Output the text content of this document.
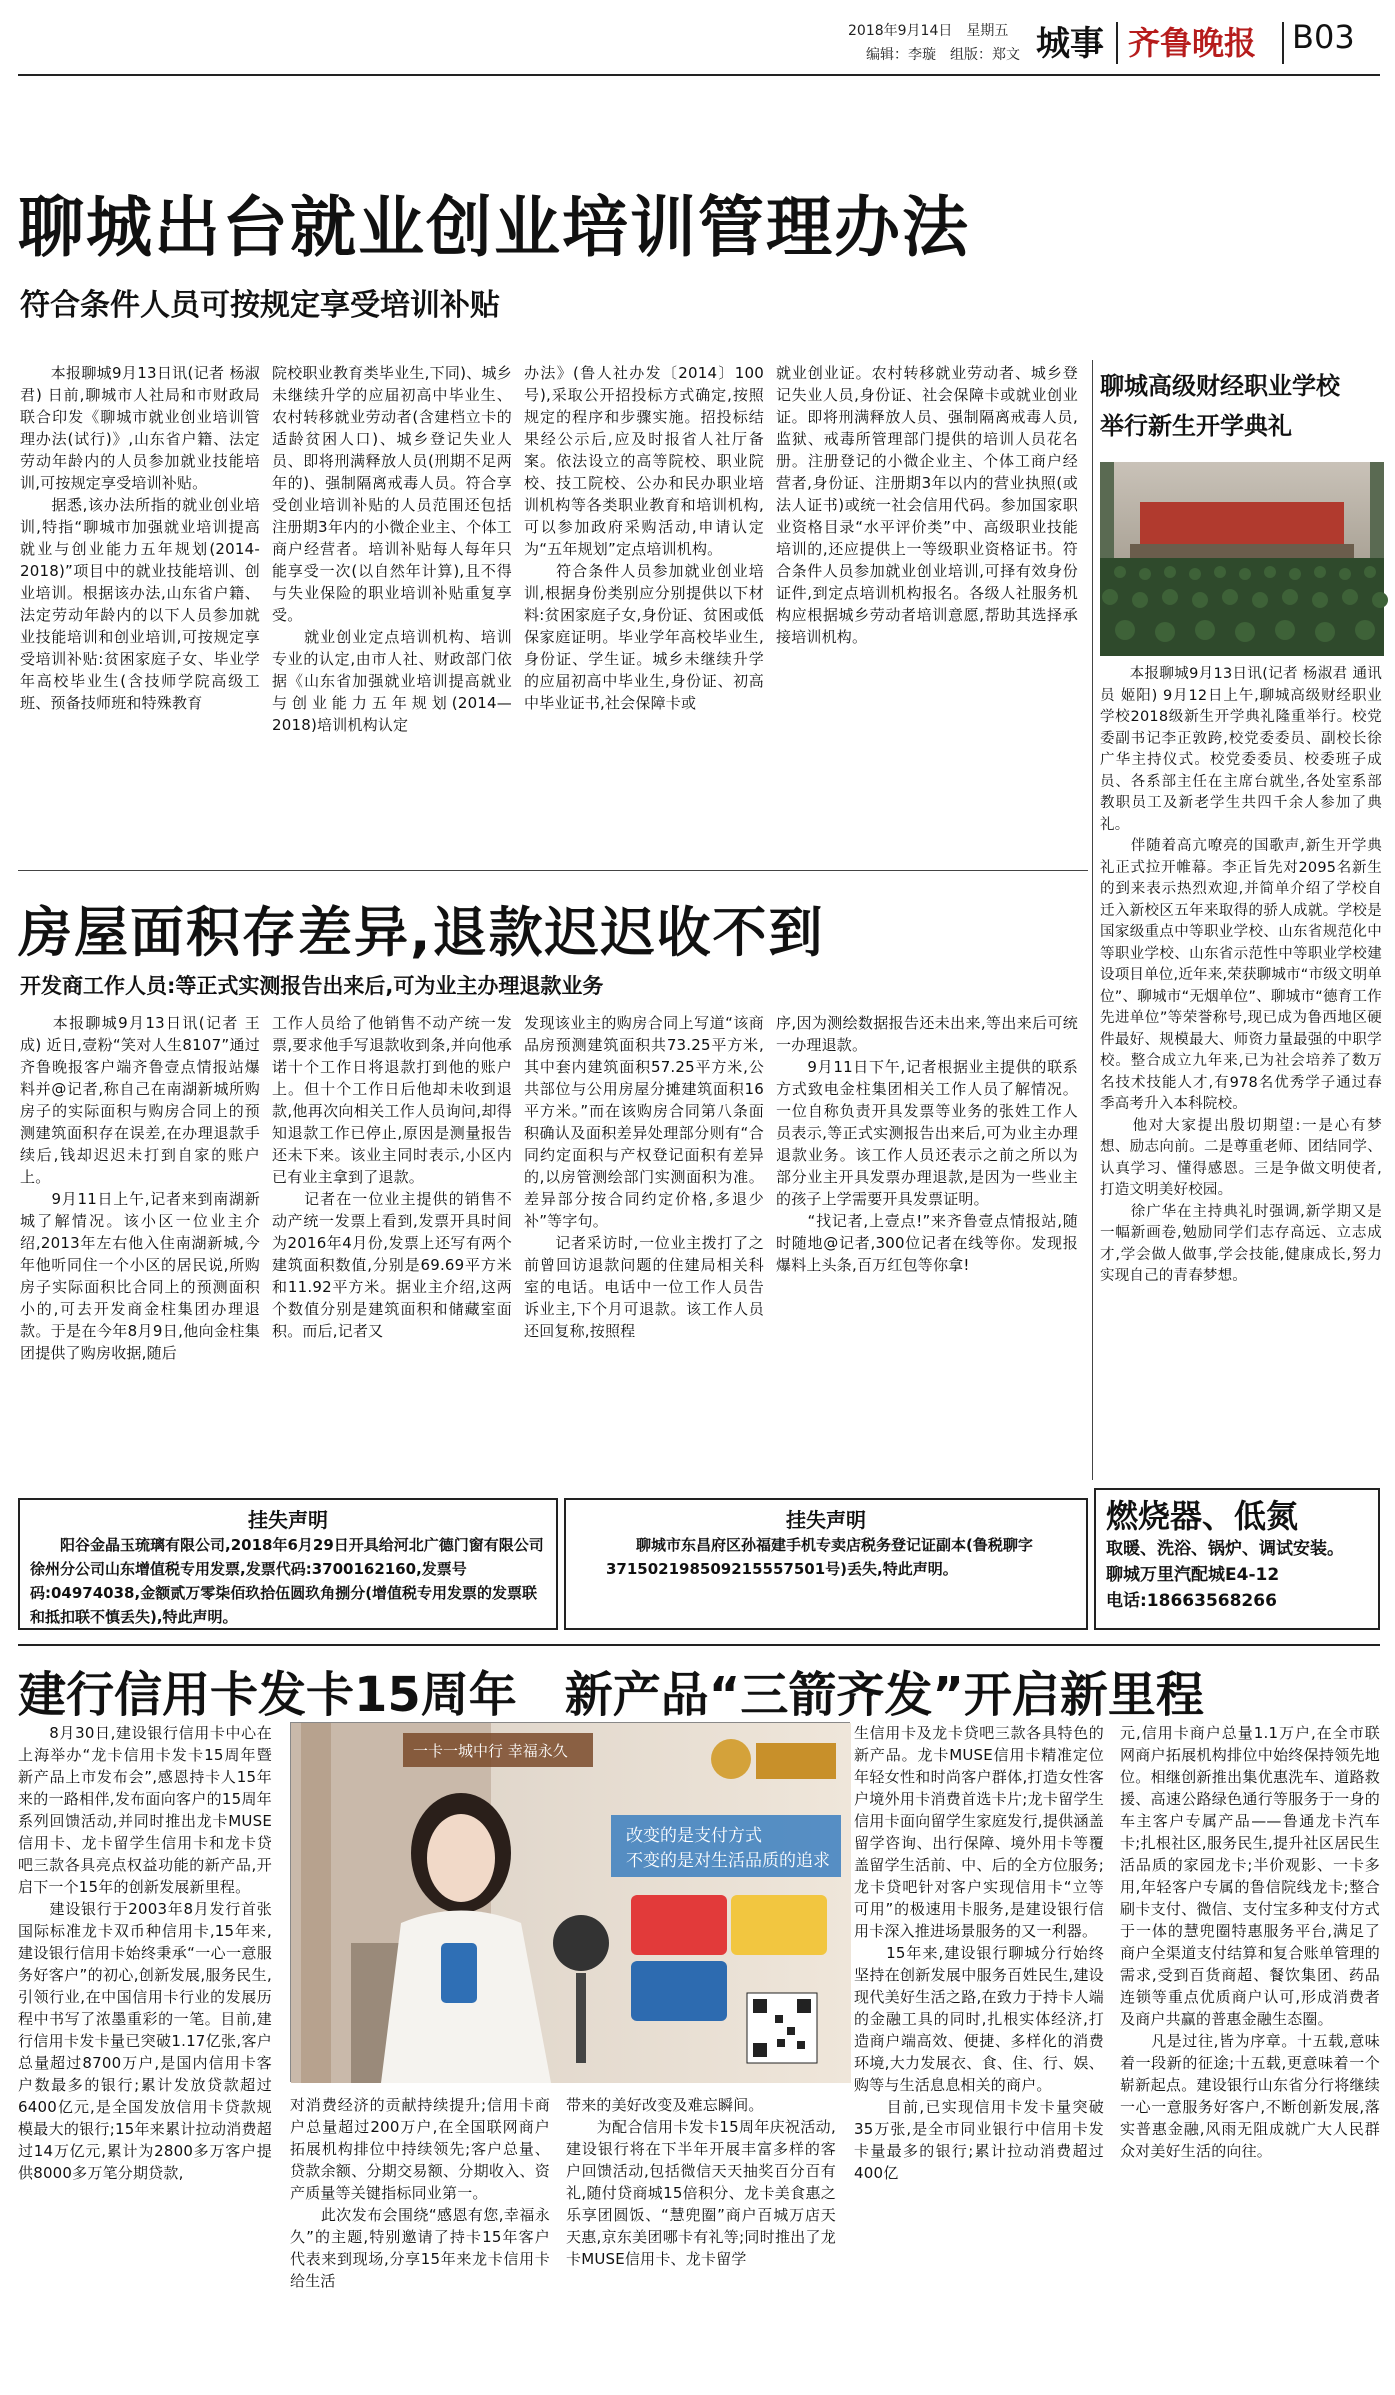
2018年9月14日　星期五
编辑：李璇　组版：郑文 城事 齐鲁晚报 B03
聊城出台就业创业培训管理办法
符合条件人员可按规定享受培训补贴
　　本报聊城9月13日讯(记者 杨淑君) 日前,聊城市人社局和市财政局联合印发《聊城市就业创业培训管理办法(试行)》,山东省户籍、法定劳动年龄内的人员参加就业技能培训,可按规定享受培训补贴。
　　据悉,该办法所指的就业创业培训,特指“聊城市加强就业培训提高就业与创业能力五年规划(2014-2018)”项目中的就业技能培训、创业培训。根据该办法,山东省户籍、法定劳动年龄内的以下人员参加就业技能培训和创业培训,可按规定享受培训补贴:贫困家庭子女、毕业学年高校毕业生(含技师学院高级工班、预备技师班和特殊教育
院校职业教育类毕业生,下同)、城乡未继续升学的应届初高中毕业生、农村转移就业劳动者(含建档立卡的适龄贫困人口)、城乡登记失业人员、即将刑满释放人员(刑期不足两年的)、强制隔离戒毒人员。符合享受创业培训补贴的人员范围还包括注册期3年内的小微企业主、个体工商户经营者。培训补贴每人每年只能享受一次(以自然年计算),且不得与失业保险的职业培训补贴重复享受。
　　就业创业定点培训机构、培训专业的认定,由市人社、财政部门依据《山东省加强就业培训提高就业与创业能力五年规划(2014—2018)培训机构认定
办法》(鲁人社办发〔2014〕100号),采取公开招投标方式确定,按照规定的程序和步骤实施。招投标结果经公示后,应及时报省人社厅备案。依法设立的高等院校、职业院校、技工院校、公办和民办职业培训机构等各类职业教育和培训机构,可以参加政府采购活动,申请认定为“五年规划”定点培训机构。
　　符合条件人员参加就业创业培训,根据身份类别应分别提供以下材料:贫困家庭子女,身份证、贫困或低保家庭证明。毕业学年高校毕业生,身份证、学生证。城乡未继续升学的应届初高中毕业生,身份证、初高中毕业证书,社会保障卡或
就业创业证。农村转移就业劳动者、城乡登记失业人员,身份证、社会保障卡或就业创业证。即将刑满释放人员、强制隔离戒毒人员,监狱、戒毒所管理部门提供的培训人员花名册。注册登记的小微企业主、个体工商户经营者,身份证、注册期3年以内的营业执照(或法人证书)或统一社会信用代码。参加国家职业资格目录“水平评价类”中、高级职业技能培训的,还应提供上一等级职业资格证书。符合条件人员参加就业创业培训,可择有效身份证件,到定点培训机构报名。各级人社服务机构应根据城乡劳动者培训意愿,帮助其选择承接培训机构。
聊城高级财经职业学校
举行新生开学典礼
　　本报聊城9月13日讯(记者 杨淑君 通讯员 姬阳) 9月12日上午,聊城高级财经职业学校2018级新生开学典礼隆重举行。校党委副书记李正敦跨,校党委委员、副校长徐广华主持仪式。校党委委员、校委班子成员、各系部主任在主席台就坐,各处室系部教职员工及新老学生共四千余人参加了典礼。
　　伴随着高亢嘹亮的国歌声,新生开学典礼正式拉开帷幕。李正旨先对2095名新生的到来表示热烈欢迎,并简单介绍了学校自迁入新校区五年来取得的骄人成就。学校是国家级重点中等职业学校、山东省规范化中等职业学校、山东省示范性中等职业学校建设项目单位,近年来,荣获聊城市“市级文明单位”、聊城市“无烟单位”、聊城市“德育工作先进单位”等荣誉称号,现已成为鲁西地区硬件最好、规模最大、师资力量最强的中职学校。整合成立九年来,已为社会培养了数万名技术技能人才,有978名优秀学子通过春季高考升入本科院校。
　　他对大家提出殷切期望:一是心有梦想、励志向前。二是尊重老师、团结同学、认真学习、懂得感恩。三是争做文明使者,打造文明美好校园。
　　徐广华在主持典礼时强调,新学期又是一幅新画卷,勉励同学们志存高远、立志成才,学会做人做事,学会技能,健康成长,努力实现自己的青春梦想。
房屋面积存差异,退款迟迟收不到
开发商工作人员:等正式实测报告出来后,可为业主办理退款业务
　　本报聊城9月13日讯(记者 王成) 近日,壹粉“笑对人生8107”通过齐鲁晚报客户端齐鲁壹点情报站爆料并@记者,称自己在南湖新城所购房子的实际面积与购房合同上的预测建筑面积存在误差,在办理退款手续后,钱却迟迟未打到自家的账户上。
　　9月11日上午,记者来到南湖新城了解情况。该小区一位业主介绍,2013年左右他入住南湖新城,今年他听同住一个小区的居民说,所购房子实际面积比合同上的预测面积小的,可去开发商金柱集团办理退款。于是在今年8月9日,他向金柱集团提供了购房收据,随后
工作人员给了他销售不动产统一发票,要求他手写退款收到条,并向他承诺十个工作日将退款打到他的账户上。但十个工作日后他却未收到退款,他再次向相关工作人员询问,却得知退款工作已停止,原因是测量报告还未下来。该业主同时表示,小区内已有业主拿到了退款。
　　记者在一位业主提供的销售不动产统一发票上看到,发票开具时间为2016年4月份,发票上还写有两个建筑面积数值,分别是69.69平方米和11.92平方米。据业主介绍,这两个数值分别是建筑面积和储藏室面积。而后,记者又
发现该业主的购房合同上写道“该商品房预测建筑面积共73.25平方米,其中套内建筑面积57.25平方米,公共部位与公用房屋分摊建筑面积16平方米。”而在该购房合同第八条面积确认及面积差异处理部分则有“合同约定面积与产权登记面积有差异的,以房管测绘部门实测面积为准。差异部分按合同约定价格,多退少补”等字句。
　　记者采访时,一位业主拨打了之前曾回访退款问题的住建局相关科室的电话。电话中一位工作人员告诉业主,下个月可退款。该工作人员还回复称,按照程
序,因为测绘数据报告还未出来,等出来后可统一办理退款。
　　9月11日下午,记者根据业主提供的联系方式致电金柱集团相关工作人员了解情况。一位自称负责开具发票等业务的张姓工作人员表示,等正式实测报告出来后,可为业主办理退款业务。该工作人员还表示之前之所以为部分业主开具发票办理退款,是因为一些业主的孩子上学需要开具发票证明。
　　“找记者,上壹点!”来齐鲁壹点情报站,随时随地@记者,300位记者在线等你。发现报爆料上头条,百万红包等你拿!
燃烧器、低氮
取暖、洗浴、锅炉、调试安装。
聊城万里汽配城E4-12
电话:18663568266
挂失声明
　　阳谷金晶玉琉璃有限公司,2018年6月29日开具给河北广德门窗有限公司徐州分公司山东增值税专用发票,发票代码:3700162160,发票号码:04974038,金额贰万零柒佰玖拾伍圆玖角捌分(增值税专用发票的发票联和抵扣联不慎丢失),特此声明。
挂失声明
　　聊城市东昌府区孙福建手机专卖店税务登记证副本(鲁税聊字371502198509215557501号)丢失,特此声明。
建行信用卡发卡15周年　新产品“三箭齐发”开启新里程
　　8月30日,建设银行信用卡中心在上海举办“龙卡信用卡发卡15周年暨新产品上市发布会”,感恩持卡人15年来的一路相伴,发布面向客户的15周年系列回馈活动,并同时推出龙卡MUSE信用卡、龙卡留学生信用卡和龙卡贷吧三款各具亮点权益功能的新产品,开启下一个15年的创新发展新里程。
　　建设银行于2003年8月发行首张国际标准龙卡双币种信用卡,15年来,建设银行信用卡始终秉承“一心一意服务好客户”的初心,创新发展,服务民生,引领行业,在中国信用卡行业的发展历程中书写了浓墨重彩的一笔。目前,建行信用卡发卡量已突破1.17亿张,客户总量超过8700万户,是国内信用卡客户数最多的银行;累计发放贷款超过6400亿元,是全国发放信用卡贷款规模最大的银行;15年来累计拉动消费超过14万亿元,累计为2800多万客户提供8000多万笔分期贷款,
一卡一城中行 幸福永久
改变的是支付方式
不变的是对生活品质的追求
对消费经济的贡献持续提升;信用卡商户总量超过200万户,在全国联网商户拓展机构排位中持续领先;客户总量、贷款余额、分期交易额、分期收入、资产质量等关键指标同业第一。
　　此次发布会围绕“感恩有您,幸福永久”的主题,特别邀请了持卡15年客户代表来到现场,分享15年来龙卡信用卡给生活
带来的美好改变及难忘瞬间。
　　为配合信用卡发卡15周年庆祝活动,建设银行将在下半年开展丰富多样的客户回馈活动,包括微信天天抽奖百分百有礼,随付贷商城15倍积分、龙卡美食惠之乐享团圆饭、“慧兜圈”商户百城万店天天惠,京东美团哪卡有礼等;同时推出了龙卡MUSE信用卡、龙卡留学
生信用卡及龙卡贷吧三款各具特色的新产品。龙卡MUSE信用卡精准定位年轻女性和时尚客户群体,打造女性客户境外用卡消费首选卡片;龙卡留学生信用卡面向留学生家庭发行,提供涵盖留学咨询、出行保障、境外用卡等覆盖留学生活前、中、后的全方位服务;龙卡贷吧针对客户实现信用卡“立等可用”的极速用卡服务,是建设银行信用卡深入推进场景服务的又一利器。
　　15年来,建设银行聊城分行始终坚持在创新发展中服务百姓民生,建设现代美好生活之路,在致力于持卡人端的金融工具的同时,扎根实体经济,打造商户端高效、便捷、多样化的消费环境,大力发展衣、食、住、行、娱、购等与生活息息相关的商户。
　　目前,已实现信用卡发卡量突破35万张,是全市同业银行中信用卡发卡量最多的银行;累计拉动消费超过　400亿
元,信用卡商户总量1.1万户,在全市联网商户拓展机构排位中始终保持领先地位。相继创新推出集优惠洗车、道路救援、高速公路绿色通行等服务于一身的车主客户专属产品——鲁通龙卡汽车卡;扎根社区,服务民生,提升社区居民生活品质的家园龙卡;半价观影、一卡多用,年轻客户专属的鲁信院线龙卡;整合刷卡支付、微信、支付宝多种支付方式于一体的慧兜圈特惠服务平台,满足了商户全渠道支付结算和复合账单管理的需求,受到百货商超、餐饮集团、药品连锁等重点优质商户认可,形成消费者及商户共赢的普惠金融生态圈。
　　凡是过往,皆为序章。十五载,意味着一段新的征途;十五载,更意味着一个崭新起点。建设银行山东省分行将继续一心一意服务好客户,不断创新发展,落实普惠金融,风雨无阻成就广大人民群众对美好生活的向往。
